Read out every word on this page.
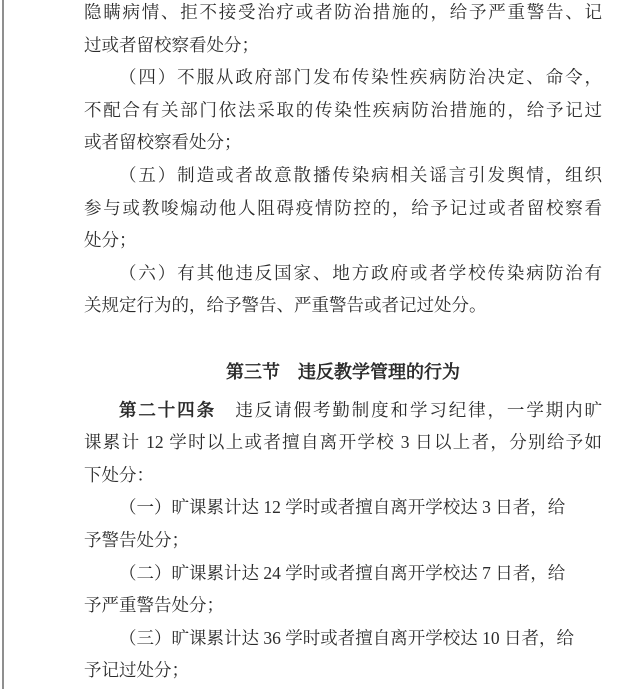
隐瞒病情、拒不接受治疗或者防治措施的，给予严重警告、记
过或者留校察看处分；
（四）不服从政府部门发布传染性疾病防治决定、命令，
不配合有关部门依法采取的传染性疾病防治措施的，给予记过
或者留校察看处分；
（五）制造或者故意散播传染病相关谣言引发舆情，组织
参与或教唆煽动他人阻碍疫情防控的，给予记过或者留校察看
处分；
（六）有其他违反国家、地方政府或者学校传染病防治有
关规定行为的，给予警告、严重警告或者记过处分。
第三节　违反教学管理的行为
第二十四条　违反请假考勤制度和学习纪律，一学期内旷
课累计 12 学时以上或者擅自离开学校 3 日以上者，分别给予如
下处分：
（一）旷课累计达 12 学时或者擅自离开学校达 3 日者，给
予警告处分；
（二）旷课累计达 24 学时或者擅自离开学校达 7 日者，给
予严重警告处分；
（三）旷课累计达 36 学时或者擅自离开学校达 10 日者，给
予记过处分；
